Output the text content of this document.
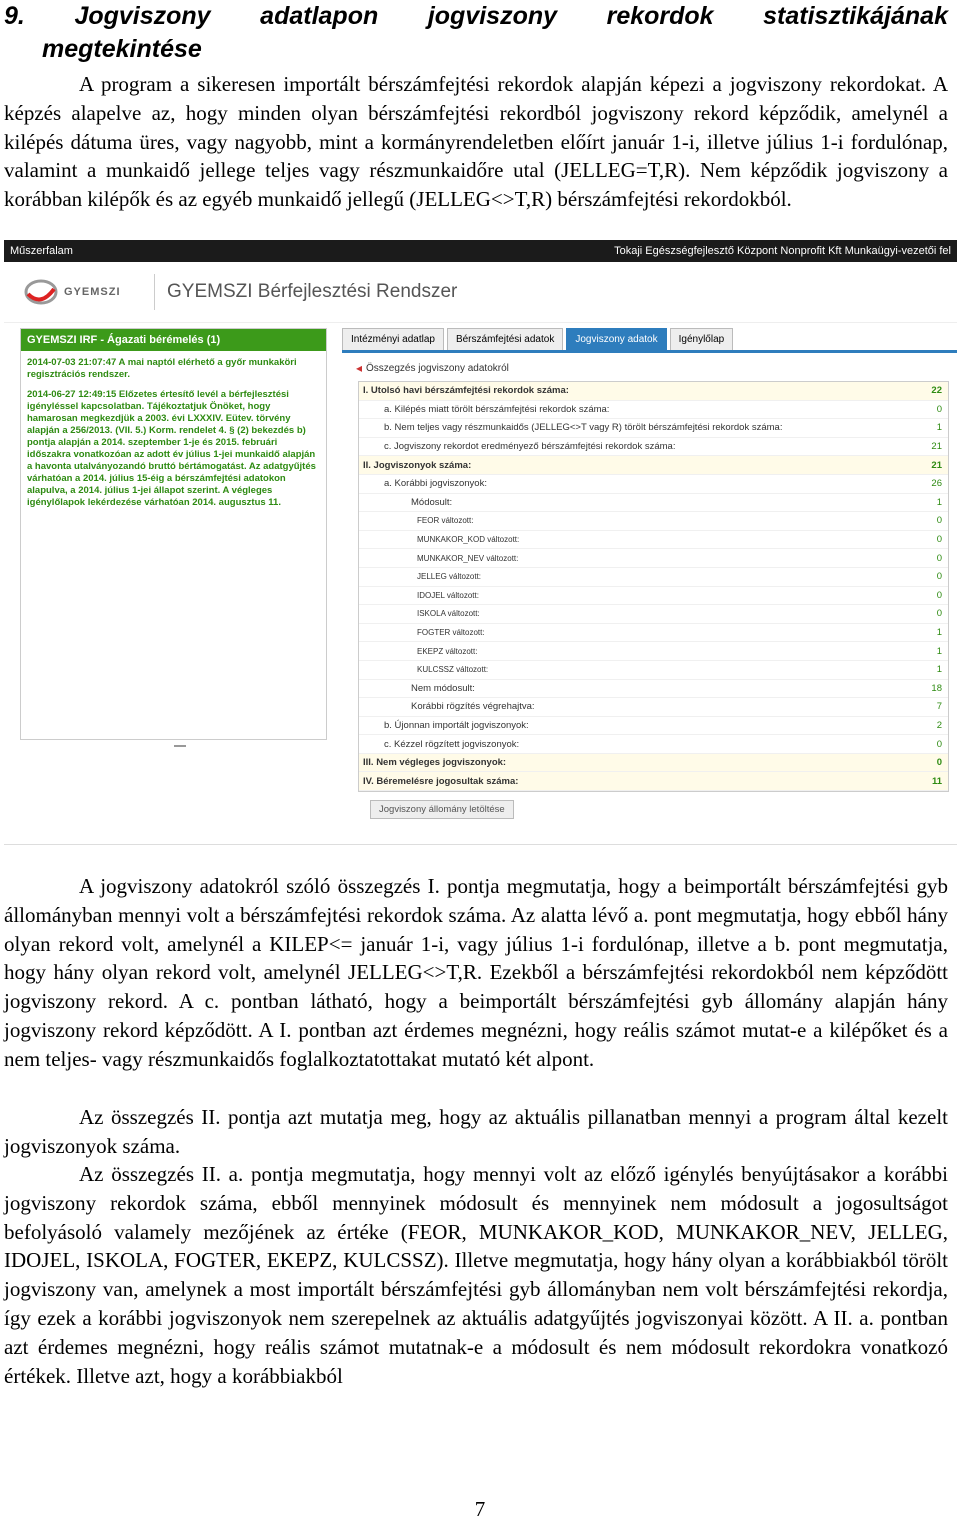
9. Jogviszony adatlapon jogviszony rekordok statisztikájának
megtekintése
A program a sikeresen importált bérszámfejtési rekordok alapján képezi a jogviszony rekordokat. A képzés alapelve az, hogy minden olyan bérszámfejtési rekordból jogviszony rekord képződik, amelynél a kilépés dátuma üres, vagy nagyobb, mint a kormányrendeletben előírt január 1-i, illetve július 1-i fordulónap, valamint a munkaidő jellege teljes vagy részmunkaidőre utal (JELLEG=T,R). Nem képződik jogviszony a korábban kilépők és az egyéb munkaidő jellegű (JELLEG<>T,R) bérszámfejtési rekordokból.
Műszerfalam	Tokaji Egészségfejlesztő Központ Nonprofit Kft Munkaügyi-vezetői fel
GYEMSZI GYEMSZI Bérfejlesztési Rendszer
GYEMSZI IRF - Ágazati bérémelés (1)

2014-07-03 21:07:47 A mai naptól elérhető a győr munkaköri regisztrációs rendszer.

2014-06-27 12:49:15 Előzetes értesítő levél a bérfejlesztési igényléssel kapcsolatban. Tájékoztatjuk Önöket, hogy hamarosan megkezdjük a 2003. évi LXXXIV. Eütev. törvény alapján a 256/2013. (VII. 5.) Korm. rendelet 4. § (2) bekezdés b) pontja alapján a 2014. szeptember 1-je és 2015. februári időszakra vonatkozóan az adott év július 1-jei munkaidő alapján a havonta utalványozandó bruttó bértámogatást. Az adatgyűjtés várhatóan a 2014. július 15-éig a bérszámfejtési adatokon alapulva, a 2014. július 1-jei állapot szerint. A végleges igénylőlapok lekérdezése várhatóan 2014. augusztus 11.

Intézményi adatlap	Bérszámfejtési adatok	Jogviszony adatok	Igénylőlap
◂ Összegzés jogviszony adatokról
I. Utolsó havi bérszámfejtési rekordok száma:	22
a. Kilépés miatt törölt bérszámfejtési rekordok száma:	0
b. Nem teljes vagy részmunkaidős (JELLEG<>T vagy R) törölt bérszámfejtési rekordok száma:	1
c. Jogviszony rekordot eredményező bérszámfejtési rekordok száma:	21
II. Jogviszonyok száma:	21
a. Korábbi jogviszonyok:	26
Módosult:	1
FEOR változott:	0
MUNKAKOR_KOD változott:	0
MUNKAKOR_NEV változott:	0
JELLEG változott:	0
IDOJEL változott:	0
ISKOLA változott:	0
FOGTER változott:	1
EKEPZ változott:	1
KULCSSZ változott:	1
Nem módosult:	18
Korábbi rögzítés végrehajtva:	7
b. Újonnan importált jogviszonyok:	2
c. Kézzel rögzített jogviszonyok:	0
III. Nem végleges jogviszonyok:	0
IV. Béremelésre jogosultak száma:	11
Jogviszony állomány letöltése
A jogviszony adatokról szóló összegzés I. pontja megmutatja, hogy a beimportált bérszámfejtési gyb állományban mennyi volt a bérszámfejtési rekordok száma. Az alatta lévő a. pont megmutatja, hogy ebből hány olyan rekord volt, amelynél a KILEP<= január 1-i, vagy július 1-i fordulónap, illetve a b. pont megmutatja, hogy hány olyan rekord volt, amelynél JELLEG<>T,R. Ezekből a bérszámfejtési rekordokból nem képződött jogviszony rekord. A c. pontban látható, hogy a beimportált bérszámfejtési gyb állomány alapján hány jogviszony rekord képződött. A I. pontban azt érdemes megnézni, hogy reális számot mutat-e a kilépőket és a nem teljes- vagy részmunkaidős foglalkoztatottakat mutató két alpont.
Az összegzés II. pontja azt mutatja meg, hogy az aktuális pillanatban mennyi a program által kezelt jogviszonyok száma.
Az összegzés II. a. pontja megmutatja, hogy mennyi volt az előző igénylés benyújtásakor a korábbi jogviszony rekordok száma, ebből mennyinek módosult és mennyinek nem módosult a jogosultságot befolyásoló valamely mezőjének az értéke (FEOR, MUNKAKOR_KOD, MUNKAKOR_NEV, JELLEG, IDOJEL, ISKOLA, FOGTER, EKEPZ, KULCSSZ). Illetve megmutatja, hogy hány olyan a korábbiakból törölt jogviszony van, amelynek a most importált bérszámfejtési gyb állományban nem volt bérszámfejtési rekordja, így ezek a korábbi jogviszonyok nem szerepelnek az aktuális adatgyűjtés jogviszonyai között. A II. a. pontban azt érdemes megnézni, hogy reális számot mutatnak-e a módosult és nem módosult rekordokra vonatkozó értékek. Illetve azt, hogy a korábbiakból
7
